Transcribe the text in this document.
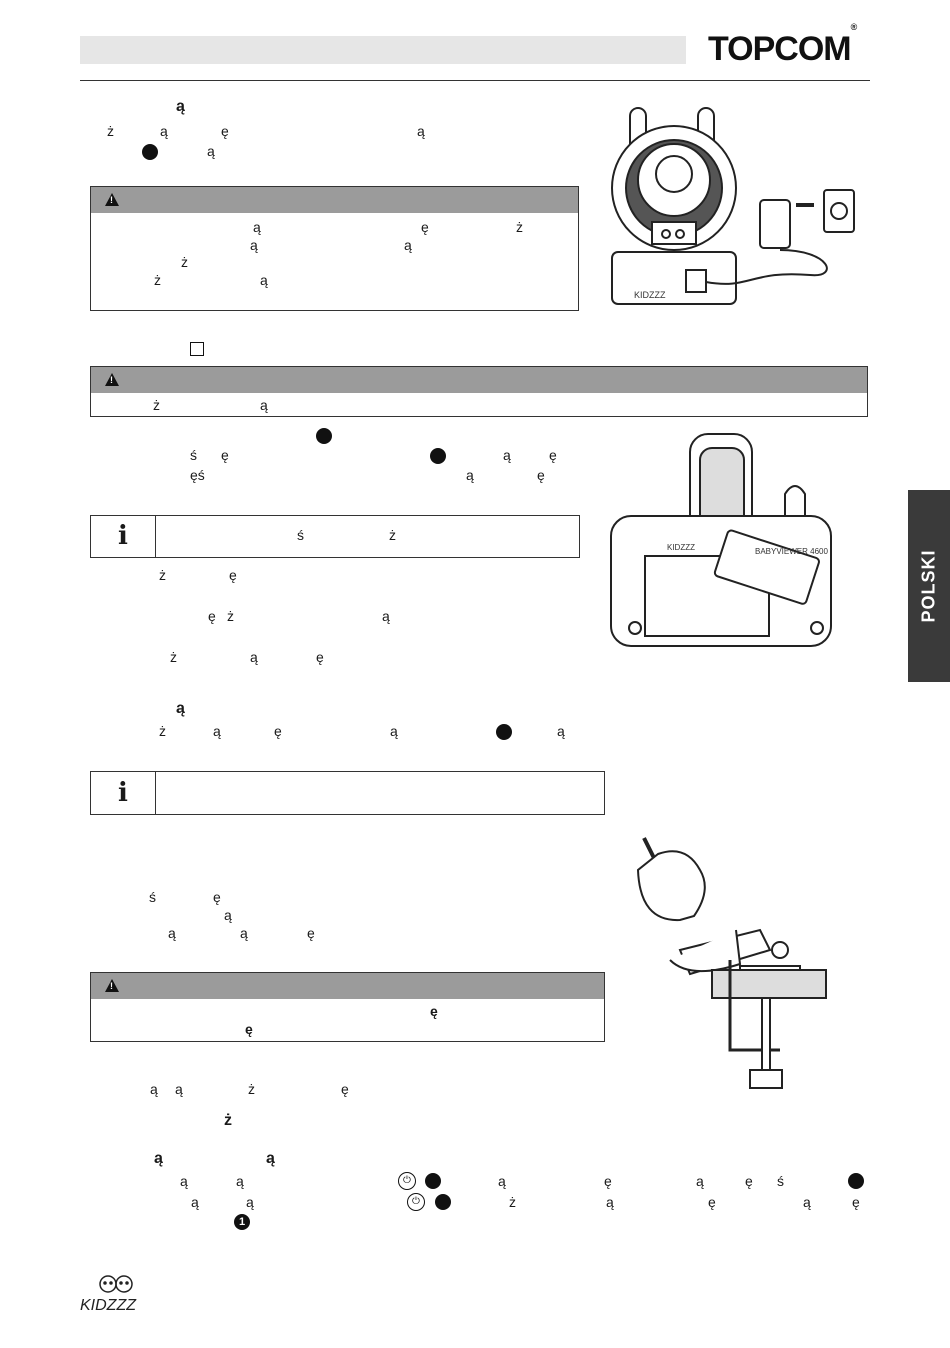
TOPCOM®
POLSKI
ą
ż	ą	ę	ą
ą
!
ą	ę	ż
ą	ą
ż
ż	ą
KIDZZZ
!
ż	ą
ś ę	ą	ę
ęś	ą	ę
i	ś	ż
ż	ę
ę ż	ą
ż	ą	ę
BABYVIEWER 4600
KIDZZZ
ą
ż	ą	ę	ą	ą
i
ś	ę
ą
ą	ą	ę
!
ę
ę
ą ą	ż	ę
ż
ą	ą
ą	ą	⏻	ą	ę	ą	ę ś
ą	ą	⏻	ż	ą	ę	ą	ę
1
KIDZZZ
